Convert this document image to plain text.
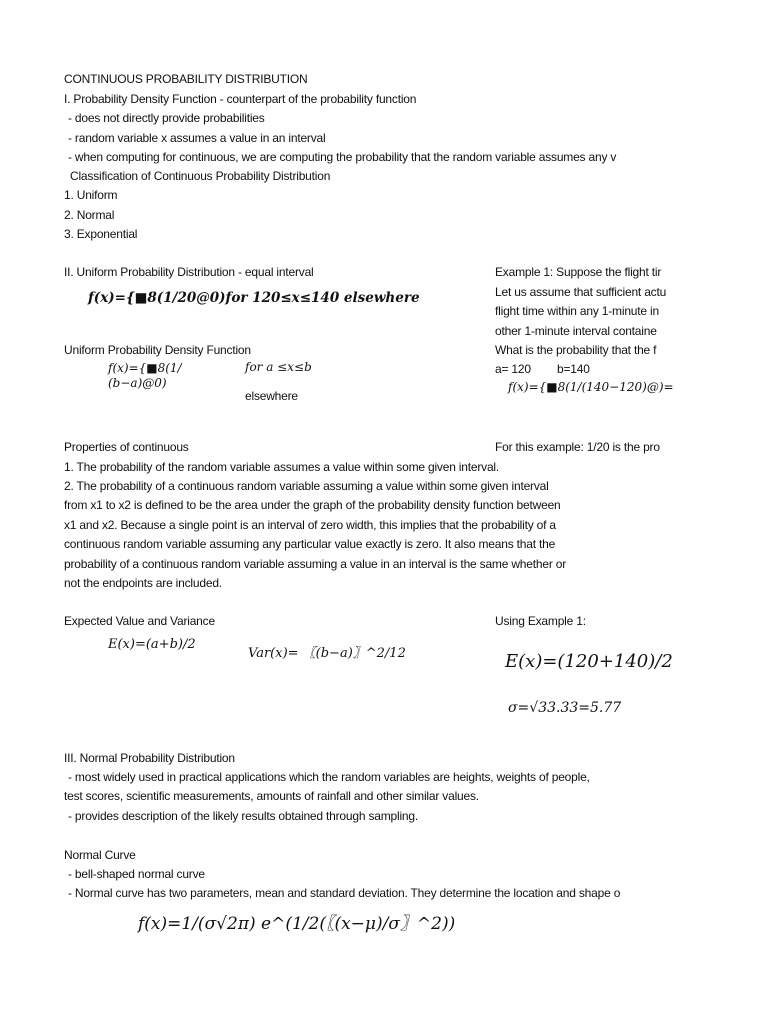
CONTINUOUS PROBABILITY DISTRIBUTION
I. Probability Density Function - counterpart of the probability function
- does not directly provide probabilities
- random variable x assumes a value in an interval
- when computing for continuous, we are computing the probability that the random variable assumes any v
Classification of Continuous Probability Distribution
1. Uniform
2. Normal
3. Exponential
II. Uniform Probability Distribution - equal interval
f(x)={■8(1/20@0)for 120≤x≤140 elsewhere
Uniform Probability Density Function
f(x)={■8(1/
(b−a)@0)
for a ≤x≤b
elsewhere
Example 1: Suppose the flight tir
Let us assume that sufficient actu
flight time within any 1-minute in
other 1-minute interval containe
What is the probability that the f
a= 120 b=140
f(x)={■8(1/(140−120)@)=
For this example: 1/20 is the pro
Properties of continuous
1. The probability of the random variable assumes a value within some given interval.
2. The probability of a continuous random variable assuming a value within some given interval
from x1 to x2 is defined to be the area under the graph of the probability density function between
x1 and x2. Because a single point is an interval of zero width, this implies that the probability of a
continuous random variable assuming any particular value exactly is zero. It also means that the
probability of a continuous random variable assuming a value in an interval is the same whether or
not the endpoints are included.
Expected Value and Variance
E(x)=(a+b)/2
Var(x)= 〖(b−a)〗^2/12
Using Example 1:
E(x)=(120+140)/2
σ=√33.33=5.77
III. Normal Probability Distribution
- most widely used in practical applications which the random variables are heights, weights of people,
test scores, scientific measurements, amounts of rainfall and other similar values.
- provides description of the likely results obtained through sampling.
Normal Curve
- bell-shaped normal curve
- Normal curve has two parameters, mean and standard deviation. They determine the location and shape o
f(x)=1/(σ√2π) e^(1/2(〖(x−μ)/σ〗^2))
